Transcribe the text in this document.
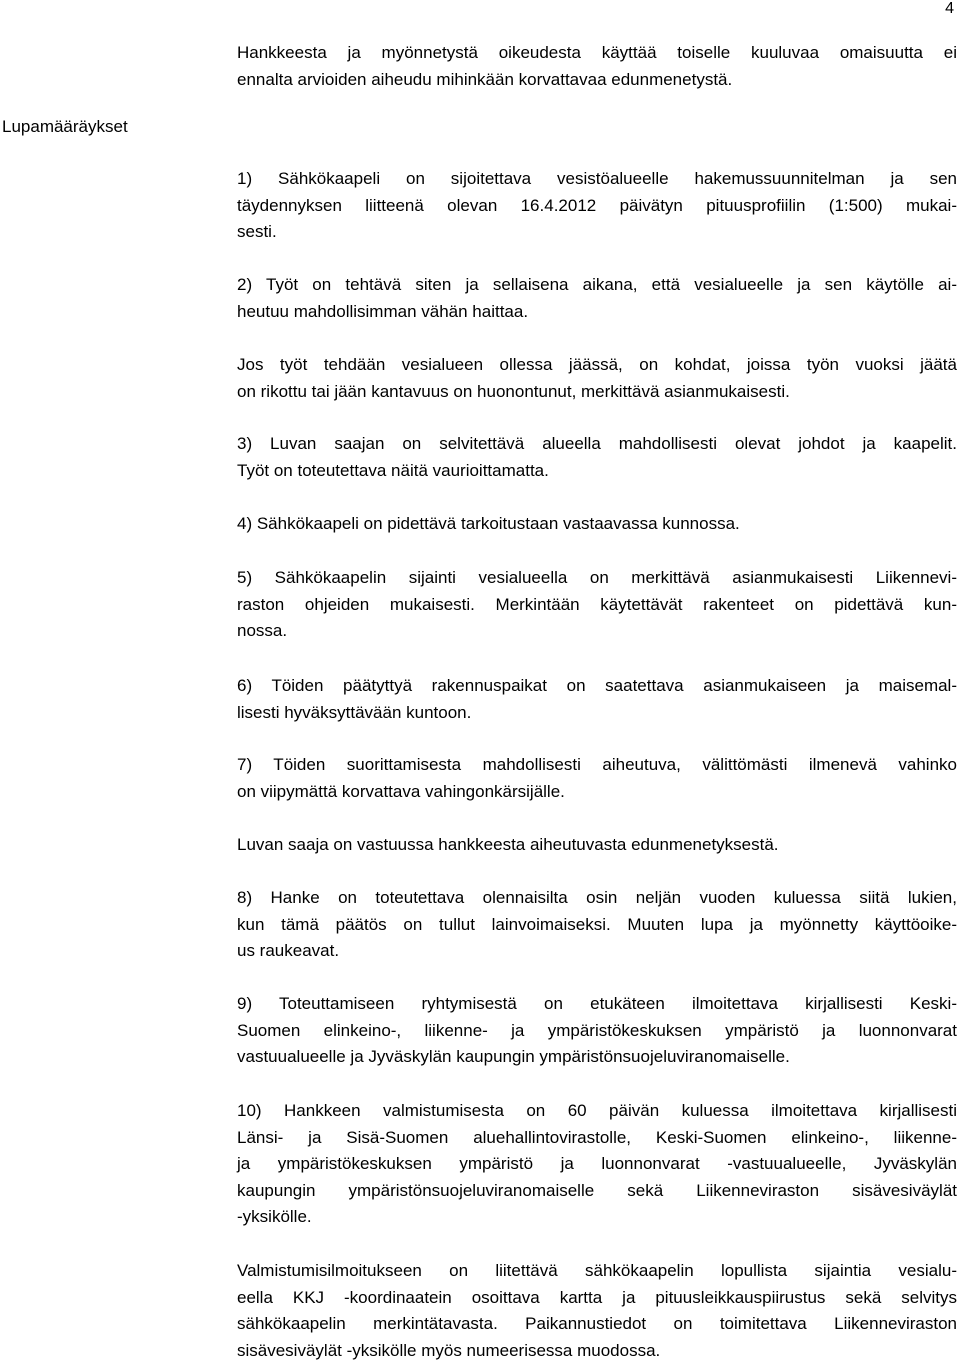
4
Lupamääräykset
Hankkeesta ja myönnetystä oikeudesta käyttää toiselle kuuluvaa omaisuutta ei
ennalta arvioiden aiheudu mihinkään korvattavaa edunmenetystä.
1) Sähkökaapeli on sijoitettava vesistöalueelle hakemussuunnitelman ja sen
täydennyksen liitteenä olevan 16.4.2012 päivätyn pituusprofiilin (1:500) mukai-
sesti.
2) Työt on tehtävä siten ja sellaisena aikana, että vesialueelle ja sen käytölle ai-
heutuu mahdollisimman vähän haittaa.
Jos työt tehdään vesialueen ollessa jäässä, on kohdat, joissa työn vuoksi jäätä
on rikottu tai jään kantavuus on huonontunut, merkittävä asianmukaisesti.
3) Luvan saajan on selvitettävä alueella mahdollisesti olevat johdot ja kaapelit.
Työt on toteutettava näitä vaurioittamatta.
4) Sähkökaapeli on pidettävä tarkoitustaan vastaavassa kunnossa.
5) Sähkökaapelin sijainti vesialueella on merkittävä asianmukaisesti Liikennevi-
raston ohjeiden mukaisesti. Merkintään käytettävät rakenteet on pidettävä kun-
nossa.
6) Töiden päätyttyä rakennuspaikat on saatettava asianmukaiseen ja maisemal-
lisesti hyväksyttävään kuntoon.
7) Töiden suorittamisesta mahdollisesti aiheutuva, välittömästi ilmenevä vahinko
on viipymättä korvattava vahingonkärsijälle.
Luvan saaja on vastuussa hankkeesta aiheutuvasta edunmenetyksestä.
8) Hanke on toteutettava olennaisilta osin neljän vuoden kuluessa siitä lukien,
kun tämä päätös on tullut lainvoimaiseksi. Muuten lupa ja myönnetty käyttöoike-
us raukeavat.
9) Toteuttamiseen ryhtymisestä on etukäteen ilmoitettava kirjallisesti Keski-
Suomen elinkeino-, liikenne- ja ympäristökeskuksen ympäristö ja luonnonvarat
vastuualueelle ja Jyväskylän kaupungin ympäristönsuojeluviranomaiselle.
10) Hankkeen valmistumisesta on 60 päivän kuluessa ilmoitettava kirjallisesti
Länsi- ja Sisä-Suomen aluehallintovirastolle, Keski-Suomen elinkeino-, liikenne-
ja ympäristökeskuksen ympäristö ja luonnonvarat -vastuualueelle, Jyväskylän
kaupungin ympäristönsuojeluviranomaiselle sekä Liikenneviraston sisävesiväylät
-yksikölle.
Valmistumisilmoitukseen on liitettävä sähkökaapelin lopullista sijaintia vesialu-
eella KKJ -koordinaatein osoittava kartta ja pituusleikkauspiirustus sekä selvitys
sähkökaapelin merkintätavasta. Paikannustiedot on toimitettava Liikenneviraston
sisävesiväylät -yksikölle myös numeerisessa muodossa.
